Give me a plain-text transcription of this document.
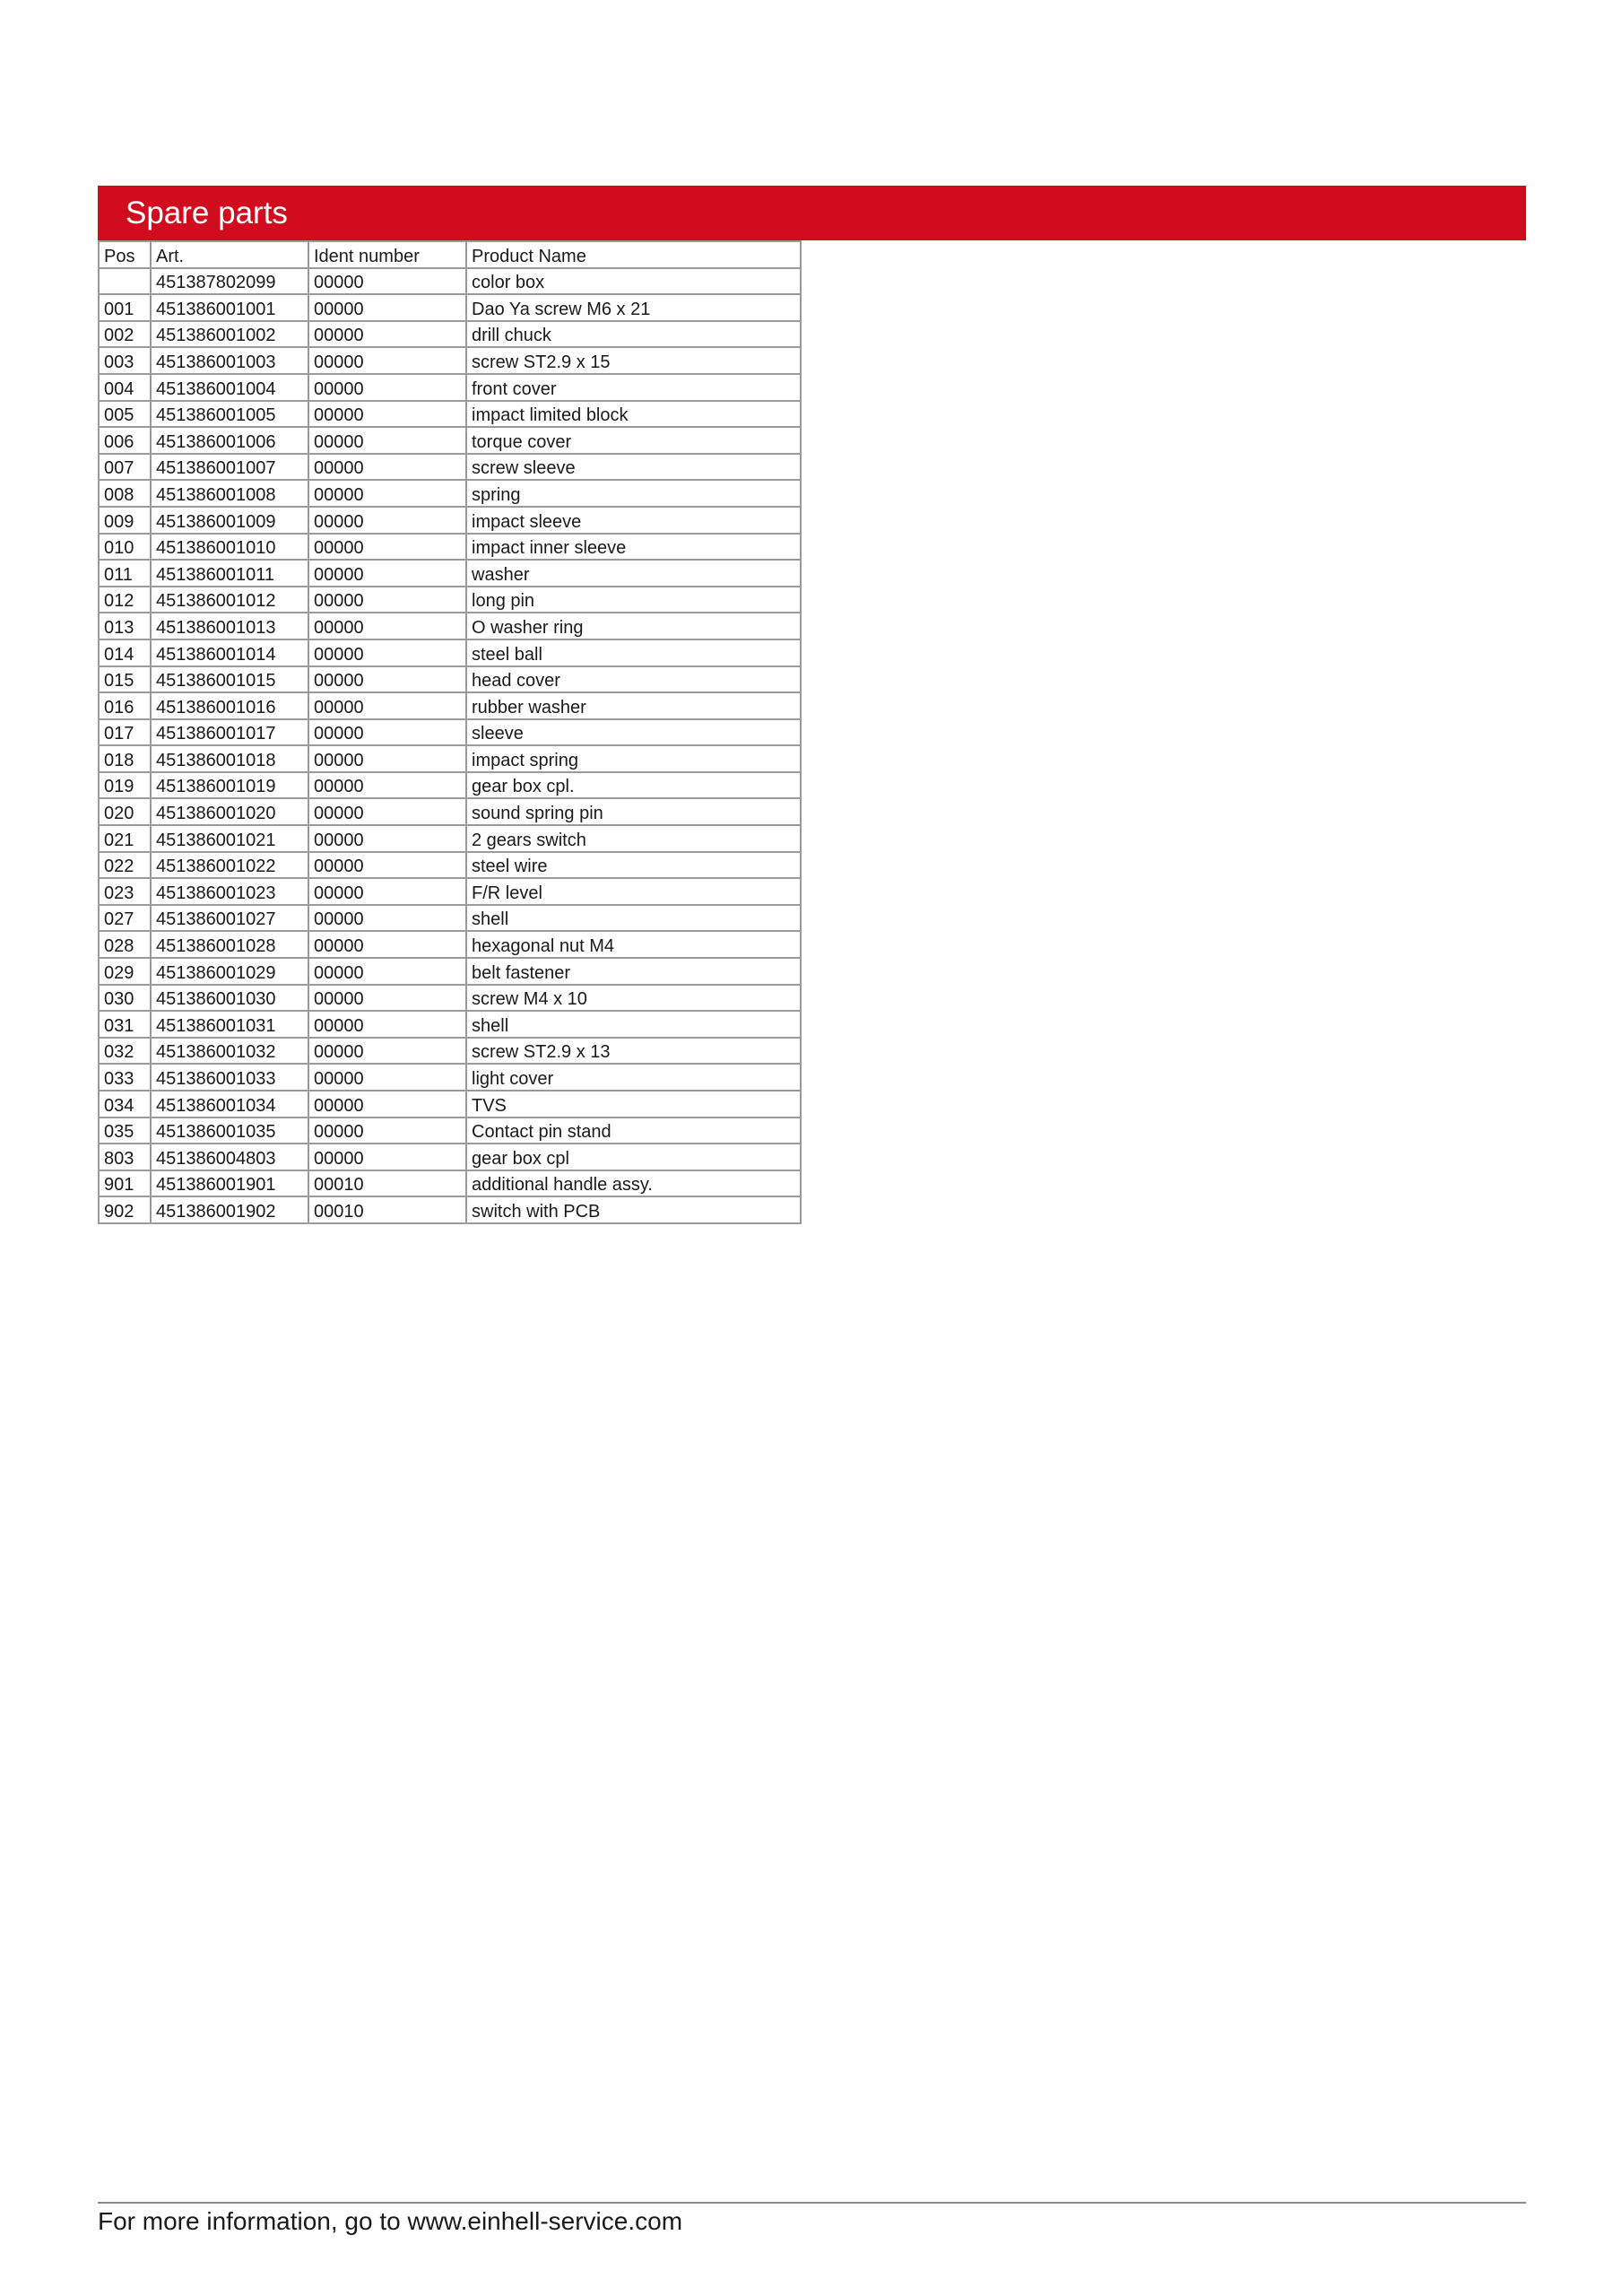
Spare parts
Pos	Art.	Ident number	Product Name
	451387802099	00000	color box
001	451386001001	00000	Dao Ya screw M6 x 21
002	451386001002	00000	drill chuck
003	451386001003	00000	screw ST2.9 x 15
004	451386001004	00000	front cover
005	451386001005	00000	impact limited block
006	451386001006	00000	torque cover
007	451386001007	00000	screw sleeve
008	451386001008	00000	spring
009	451386001009	00000	impact sleeve
010	451386001010	00000	impact inner sleeve
011	451386001011	00000	washer
012	451386001012	00000	long pin
013	451386001013	00000	O washer ring
014	451386001014	00000	steel ball
015	451386001015	00000	head cover
016	451386001016	00000	rubber washer
017	451386001017	00000	sleeve
018	451386001018	00000	impact spring
019	451386001019	00000	gear box cpl.
020	451386001020	00000	sound spring pin
021	451386001021	00000	2 gears switch
022	451386001022	00000	steel wire
023	451386001023	00000	F/R level
027	451386001027	00000	shell
028	451386001028	00000	hexagonal nut M4
029	451386001029	00000	belt fastener
030	451386001030	00000	screw M4 x 10
031	451386001031	00000	shell
032	451386001032	00000	screw ST2.9 x 13
033	451386001033	00000	light cover
034	451386001034	00000	TVS
035	451386001035	00000	Contact pin stand
803	451386004803	00000	gear box cpl
901	451386001901	00010	additional handle assy.
902	451386001902	00010	switch with PCB
For more information, go to www.einhell-service.com
